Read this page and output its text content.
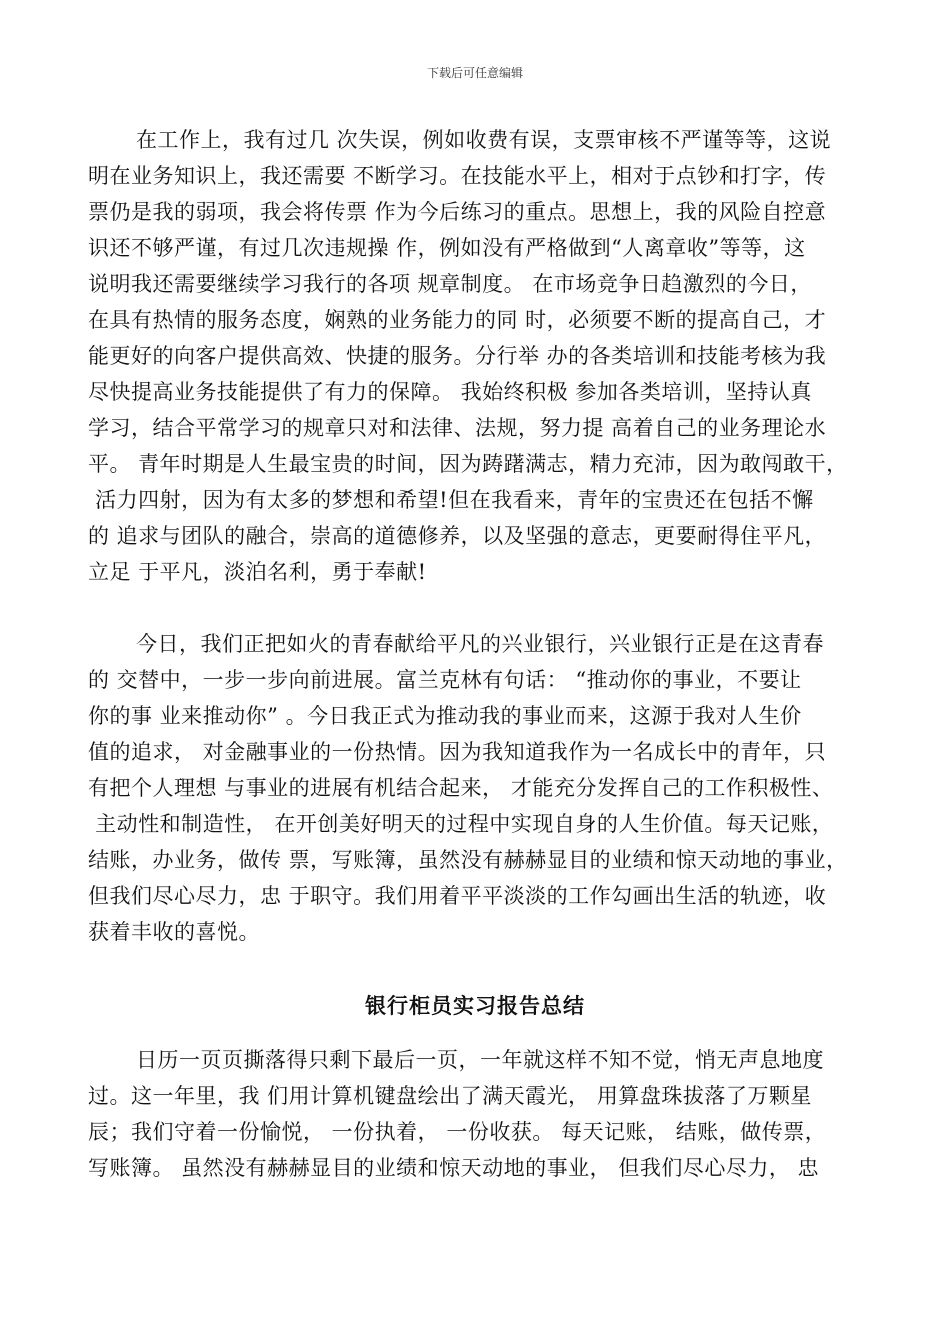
下载后可任意编辑
在工作上，我有过几 次失误，例如收费有误，支票审核不严谨等等，这说
明在业务知识上，我还需要 不断学习。在技能水平上，相对于点钞和打字，传
票仍是我的弱项，我会将传票 作为今后练习的重点。思想上，我的风险自控意
识还不够严谨，有过几次违规操 作，例如没有严格做到“人离章收”等等，这
说明我还需要继续学习我行的各项 规章制度。 在市场竞争日趋激烈的今日，
在具有热情的服务态度，娴熟的业务能力的同 时，必须要不断的提高自己，才
能更好的向客户提供高效、快捷的服务。分行举 办的各类培训和技能考核为我
尽快提高业务技能提供了有力的保障。 我始终积极 参加各类培训，坚持认真
学习，结合平常学习的规章只对和法律、法规，努力提 高着自己的业务理论水
平。 青年时期是人生最宝贵的时间，因为踌躇满志，精力充沛，因为敢闯敢干，
活力四射，因为有太多的梦想和希望!但在我看来，青年的宝贵还在包括不懈
的 追求与团队的融合，崇高的道德修养，以及坚强的意志，更要耐得住平凡，
立足 于平凡，淡泊名利，勇于奉献!
今日，我们正把如火的青春献给平凡的兴业银行，兴业银行正是在这青春
的 交替中，一步一步向前进展。富兰克林有句话： “推动你的事业，不要让
你的事 业来推动你” 。今日我正式为推动我的事业而来，这源于我对人生价
值的追求， 对金融事业的一份热情。因为我知道我作为一名成长中的青年，只
有把个人理想 与事业的进展有机结合起来， 才能充分发挥自己的工作积极性、
主动性和制造性， 在开创美好明天的过程中实现自身的人生价值。每天记账，
结账，办业务，做传 票，写账簿，虽然没有赫赫显目的业绩和惊天动地的事业，
但我们尽心尽力，忠 于职守。我们用着平平淡淡的工作勾画出生活的轨迹，收
获着丰收的喜悦。
银行柜员实习报告总结
日历一页页撕落得只剩下最后一页，一年就这样不知不觉，悄无声息地度
过。这一年里，我 们用计算机键盘绘出了满天霞光， 用算盘珠拔落了万颗星
辰；我们守着一份愉悦， 一份执着， 一份收获。 每天记账， 结账，做传票，
写账簿。 虽然没有赫赫显目的业绩和惊天动地的事业， 但我们尽心尽力， 忠
